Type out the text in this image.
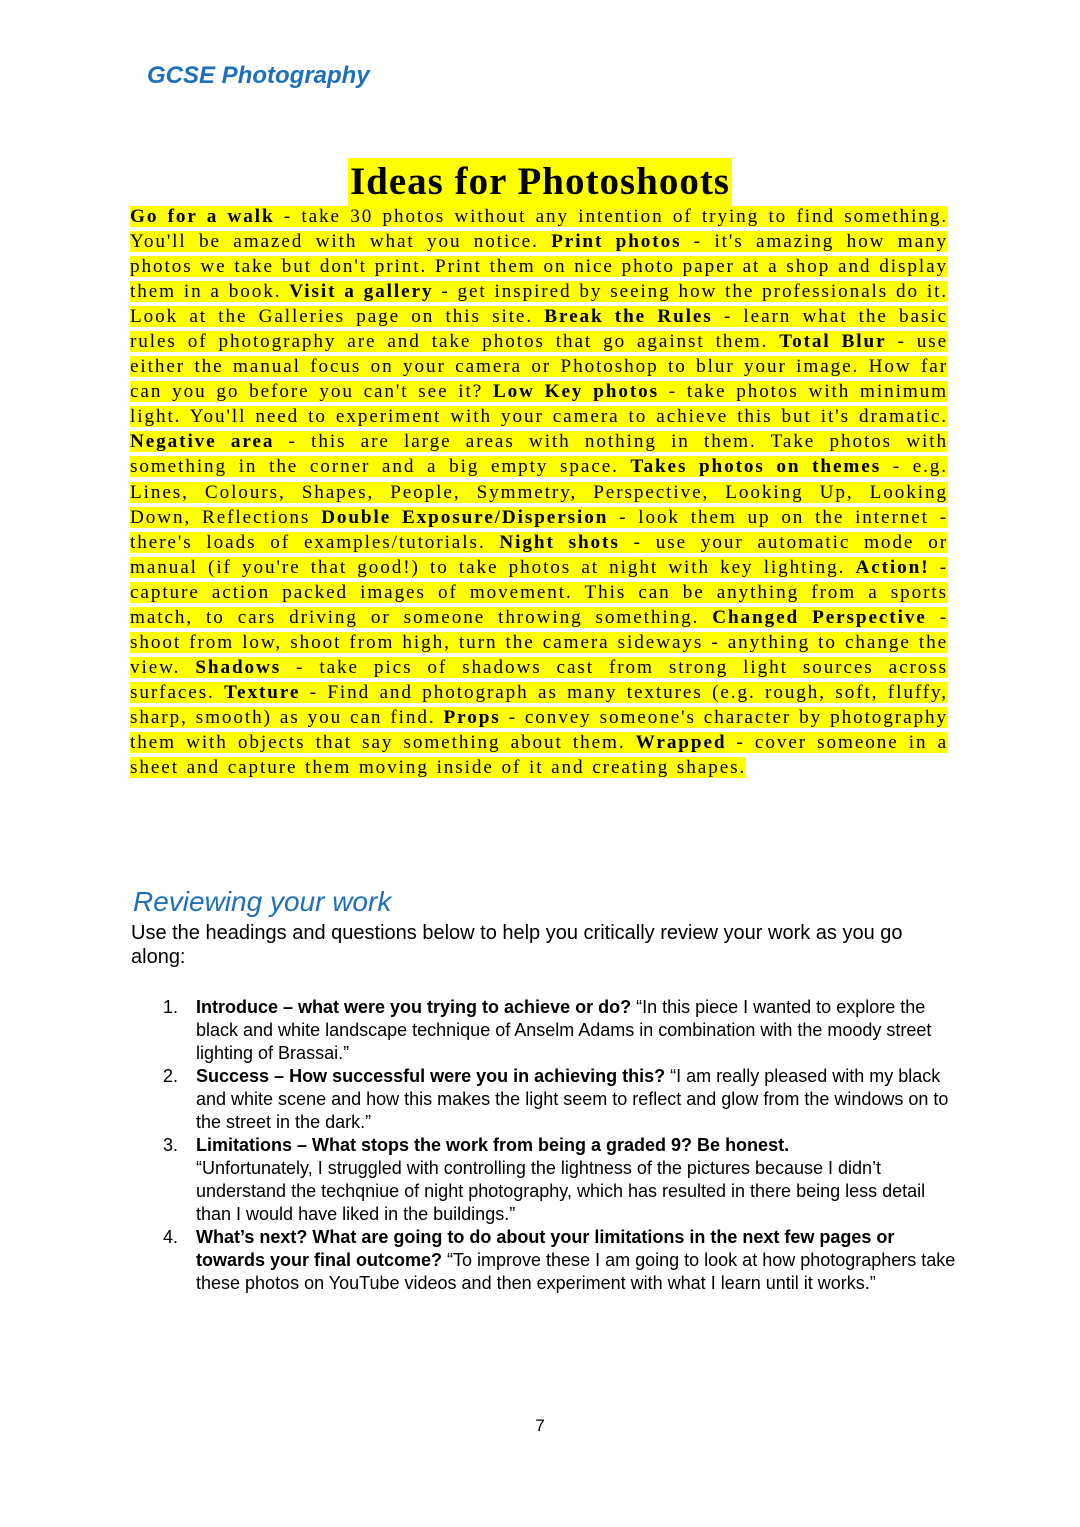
GCSE Photography
Ideas for Photoshoots
Go for a walk - take 30 photos without any intention of trying to find something. You'll be amazed with what you notice. Print photos - it's amazing how many photos we take but don't print. Print them on nice photo paper at a shop and display them in a book. Visit a gallery - get inspired by seeing how the professionals do it. Look at the Galleries page on this site. Break the Rules - learn what the basic rules of photography are and take photos that go against them. Total Blur - use either the manual focus on your camera or Photoshop to blur your image. How far can you go before you can't see it? Low Key photos - take photos with minimum light. You'll need to experiment with your camera to achieve this but it's dramatic. Negative area - this are large areas with nothing in them. Take photos with something in the corner and a big empty space. Takes photos on themes - e.g. Lines, Colours, Shapes, People, Symmetry, Perspective, Looking Up, Looking Down, Reflections Double Exposure/Dispersion - look them up on the internet - there's loads of examples/tutorials. Night shots - use your automatic mode or manual (if you're that good!) to take photos at night with key lighting. Action! - capture action packed images of movement. This can be anything from a sports match, to cars driving or someone throwing something. Changed Perspective - shoot from low, shoot from high, turn the camera sideways - anything to change the view. Shadows - take pics of shadows cast from strong light sources across surfaces. Texture - Find and photograph as many textures (e.g. rough, soft, fluffy, sharp, smooth) as you can find. Props - convey someone's character by photography them with objects that say something about them. Wrapped - cover someone in a sheet and capture them moving inside of it and creating shapes.
Reviewing your work
Use the headings and questions below to help you critically review your work as you go along:
1. Introduce – what were you trying to achieve or do? “In this piece I wanted to explore the black and white landscape technique of Anselm Adams in combination with the moody street lighting of Brassai.”
2. Success – How successful were you in achieving this? “I am really pleased with my black and white scene and how this makes the light seem to reflect and glow from the windows on to the street in the dark.”
3. Limitations – What stops the work from being a graded 9? Be honest.
“Unfortunately, I struggled with controlling the lightness of the pictures because I didn’t understand the techqniue of night photography, which has resulted in there being less detail than I would have liked in the buildings.”
4. What’s next? What are going to do about your limitations in the next few pages or towards your final outcome? “To improve these I am going to look at how photographers take these photos on YouTube videos and then experiment with what I learn until it works.”
7
